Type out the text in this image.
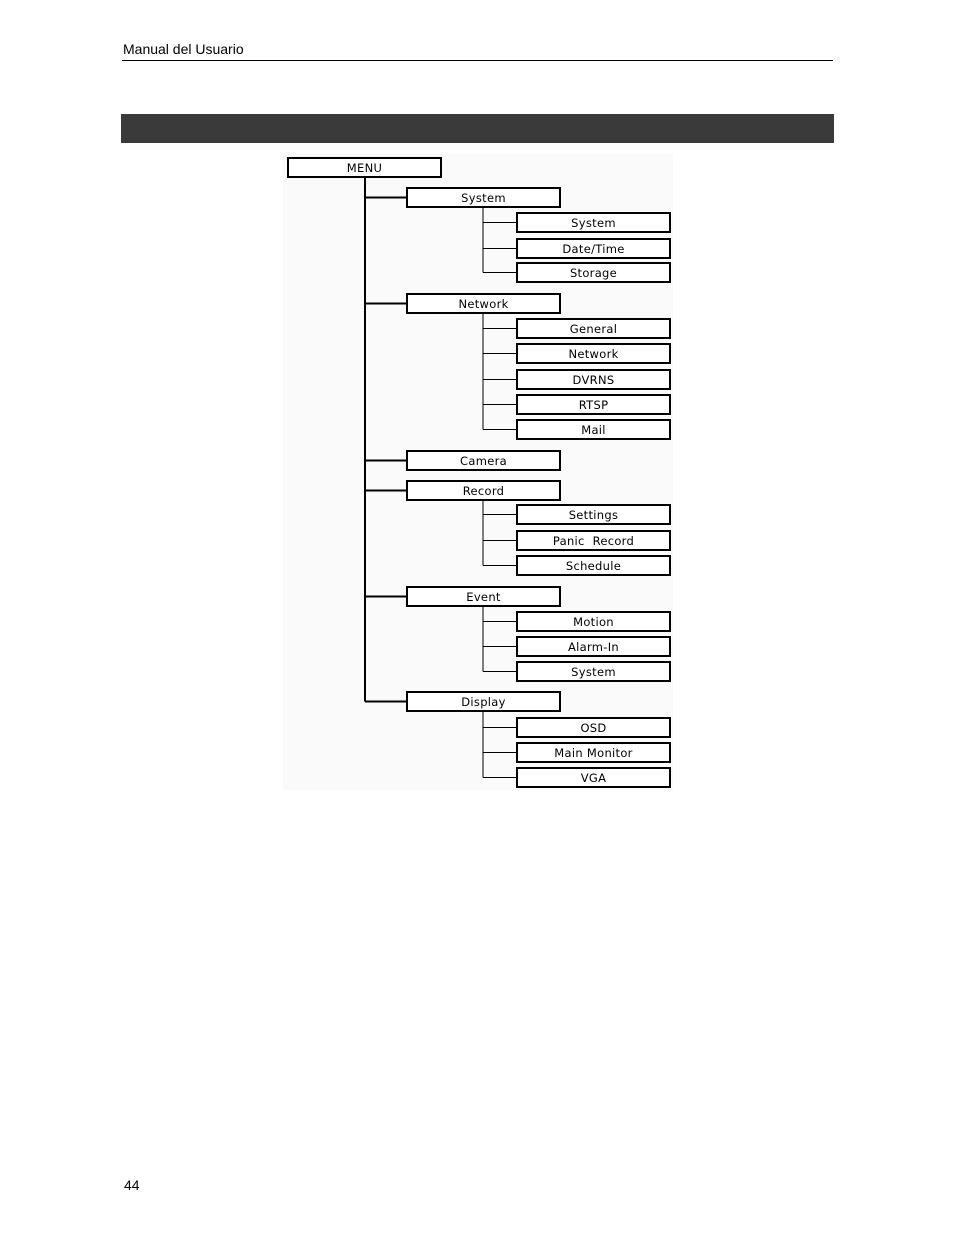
Manual del Usuario
MENU
System
System
Date/Time
Storage
Network
General
Network
DVRNS
RTSP
Mail
Camera
Record
Settings
Panic  Record
Schedule
Event
Motion
Alarm-In
System
Display
OSD
Main Monitor
VGA
44
